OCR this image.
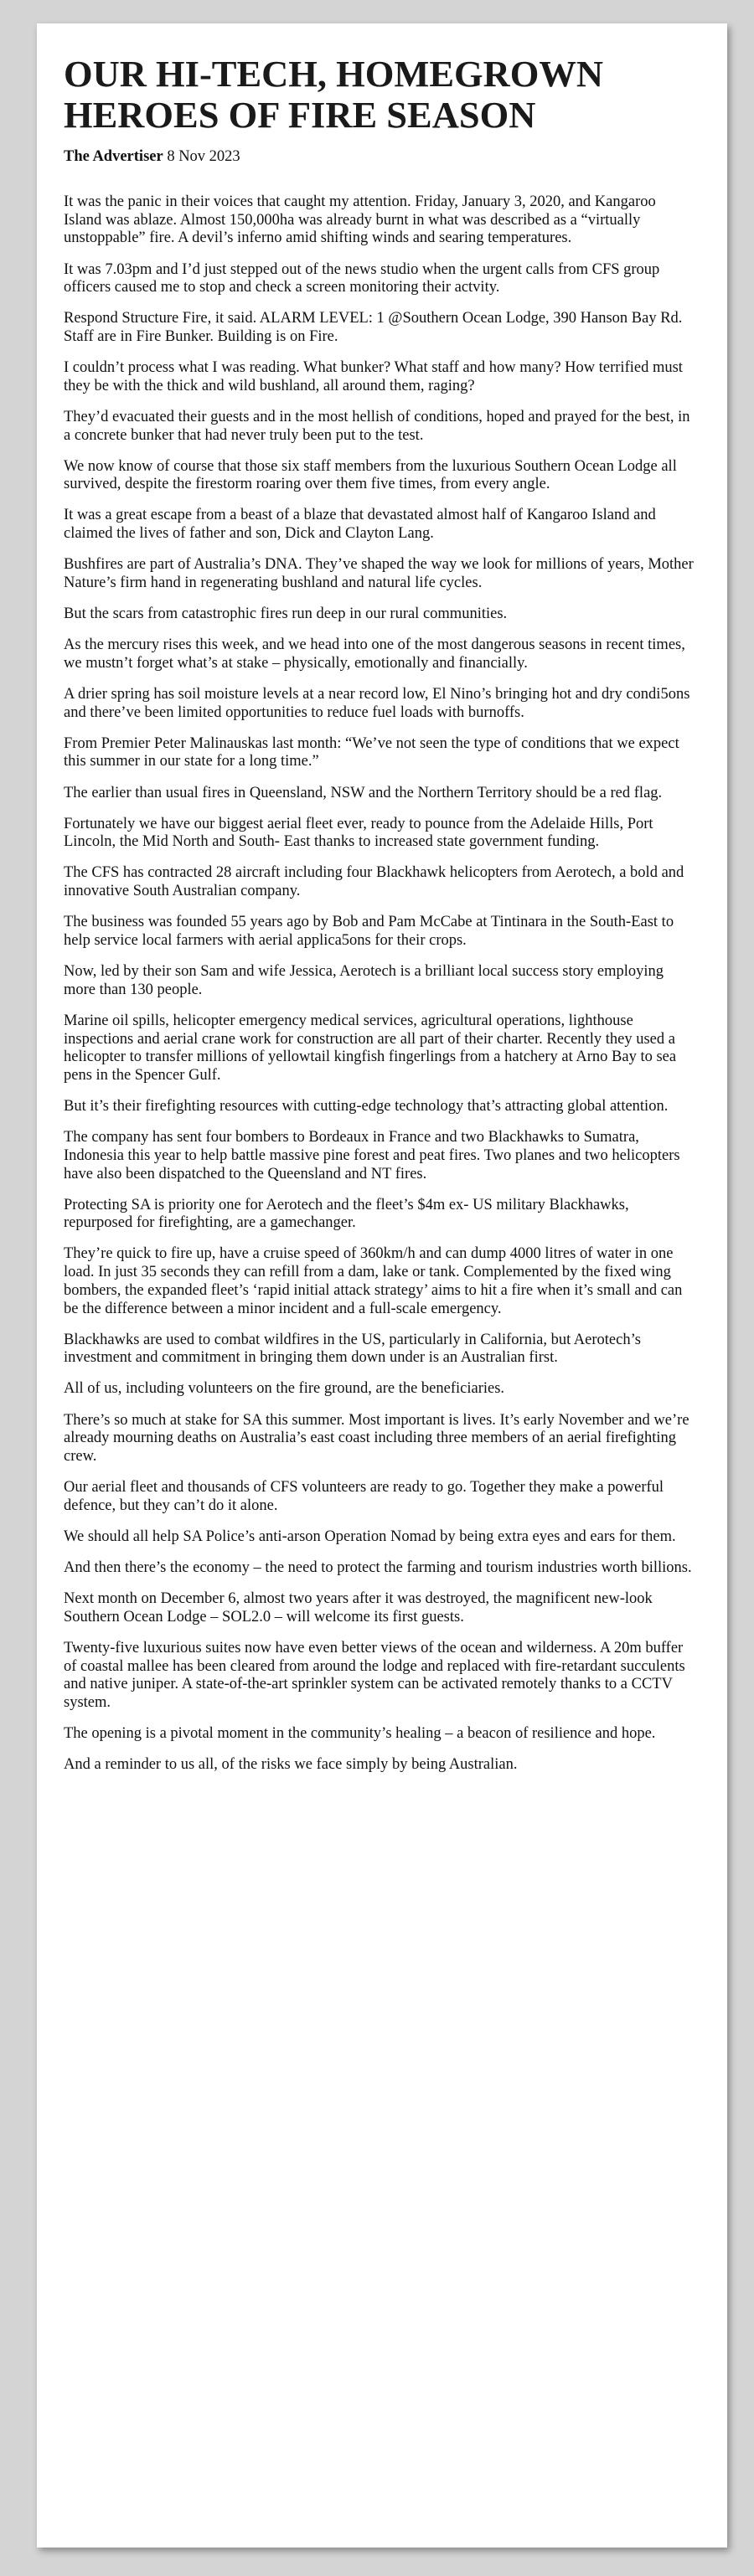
OUR HI-TECH, HOMEGROWN HEROES OF FIRE SEASON
The Advertiser 8 Nov 2023

It was the panic in their voices that caught my attention. Friday, January 3, 2020, and Kangaroo Island was ablaze. Almost 150,000ha was already burnt in what was described as a “virtually unstoppable” fire. A devil’s inferno amid shifting winds and searing temperatures.

It was 7.03pm and I’d just stepped out of the news studio when the urgent calls from CFS group officers caused me to stop and check a screen monitoring their actvity.

Respond Structure Fire, it said. ALARM LEVEL: 1 @Southern Ocean Lodge, 390 Hanson Bay Rd. Staff are in Fire Bunker. Building is on Fire.

I couldn’t process what I was reading. What bunker? What staff and how many? How terrified must they be with the thick and wild bushland, all around them, raging?

They’d evacuated their guests and in the most hellish of conditions, hoped and prayed for the best, in a concrete bunker that had never truly been put to the test.

We now know of course that those six staff members from the luxurious Southern Ocean Lodge all survived, despite the firestorm roaring over them five times, from every angle.

It was a great escape from a beast of a blaze that devastated almost half of Kangaroo Island and claimed the lives of father and son, Dick and Clayton Lang.

Bushfires are part of Australia’s DNA. They’ve shaped the way we look for millions of years, Mother Nature’s firm hand in regenerating bushland and natural life cycles.

But the scars from catastrophic fires run deep in our rural communities.

As the mercury rises this week, and we head into one of the most dangerous seasons in recent times, we mustn’t forget what’s at stake – physically, emotionally and financially.

A drier spring has soil moisture levels at a near record low, El Nino’s bringing hot and dry condi5ons and there’ve been limited opportunities to reduce fuel loads with burnoffs.

From Premier Peter Malinauskas last month: “We’ve not seen the type of conditions that we expect this summer in our state for a long time.”

The earlier than usual fires in Queensland, NSW and the Northern Territory should be a red flag.

Fortunately we have our biggest aerial fleet ever, ready to pounce from the Adelaide Hills, Port Lincoln, the Mid North and South- East thanks to increased state government funding.

The CFS has contracted 28 aircraft including four Blackhawk helicopters from Aerotech, a bold and innovative South Australian company.

The business was founded 55 years ago by Bob and Pam McCabe at Tintinara in the South-East to help service local farmers with aerial applica5ons for their crops.

Now, led by their son Sam and wife Jessica, Aerotech is a brilliant local success story employing more than 130 people.

Marine oil spills, helicopter emergency medical services, agricultural operations, lighthouse inspections and aerial crane work for construction are all part of their charter. Recently they used a helicopter to transfer millions of yellowtail kingfish fingerlings from a hatchery at Arno Bay to sea pens in the Spencer Gulf.

But it’s their firefighting resources with cutting-edge technology that’s attracting global attention.

The company has sent four bombers to Bordeaux in France and two Blackhawks to Sumatra, Indonesia this year to help battle massive pine forest and peat fires. Two planes and two helicopters have also been dispatched to the Queensland and NT fires.

Protecting SA is priority one for Aerotech and the fleet’s $4m ex- US military Blackhawks, repurposed for firefighting, are a gamechanger.

They’re quick to fire up, have a cruise speed of 360km/h and can dump 4000 litres of water in one load. In just 35 seconds they can refill from a dam, lake or tank. Complemented by the fixed wing bombers, the expanded fleet’s ‘rapid initial attack strategy’ aims to hit a fire when it’s small and can be the difference between a minor incident and a full-scale emergency.

Blackhawks are used to combat wildfires in the US, particularly in California, but Aerotech’s investment and commitment in bringing them down under is an Australian first.

All of us, including volunteers on the fire ground, are the beneficiaries.

There’s so much at stake for SA this summer. Most important is lives. It’s early November and we’re already mourning deaths on Australia’s east coast including three members of an aerial firefighting crew.

Our aerial fleet and thousands of CFS volunteers are ready to go. Together they make a powerful defence, but they can’t do it alone.

We should all help SA Police’s anti-arson Operation Nomad by being extra eyes and ears for them.

And then there’s the economy – the need to protect the farming and tourism industries worth billions.

Next month on December 6, almost two years after it was destroyed, the magnificent new-look Southern Ocean Lodge – SOL2.0 – will welcome its first guests.

Twenty-five luxurious suites now have even better views of the ocean and wilderness. A 20m buffer of coastal mallee has been cleared from around the lodge and replaced with fire-retardant succulents and native juniper. A state-of-the-art sprinkler system can be activated remotely thanks to a CCTV system.

The opening is a pivotal moment in the community’s healing – a beacon of resilience and hope.

And a reminder to us all, of the risks we face simply by being Australian.
